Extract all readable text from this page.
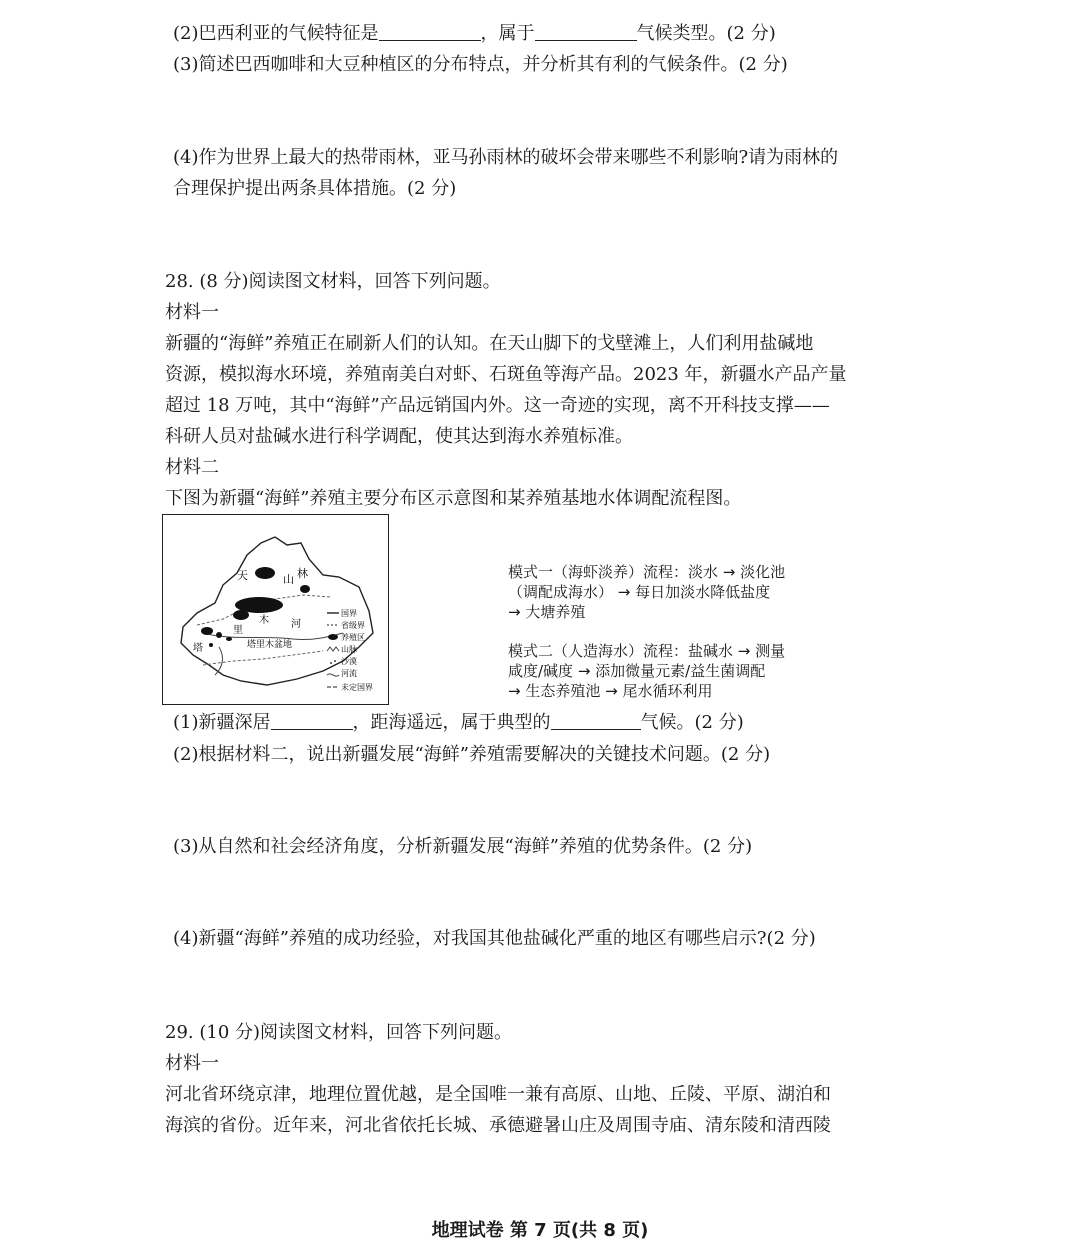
(2)巴西利亚的气候特征是	，属于	气候类型。(2 分)
(3)简述巴西咖啡和大豆种植区的分布特点，并分析其有利的气候条件。(2 分)
(4)作为世界上最大的热带雨林，亚马孙雨林的破坏会带来哪些不利影响?请为雨林的
合理保护提出两条具体措施。(2 分)
28. (8 分)阅读图文材料，回答下列问题。
材料一
新疆的“海鲜”养殖正在刷新人们的认知。在天山脚下的戈壁滩上，人们利用盐碱地
资源，模拟海水环境，养殖南美白对虾、石斑鱼等海产品。2023 年，新疆水产品产量
超过 18 万吨，其中“海鲜”产品远销国内外。这一奇迹的实现，离不开科技支撑——
科研人员对盐碱水进行科学调配，使其达到海水养殖标准。
材料二
下图为新疆“海鲜”养殖主要分布区示意图和某养殖基地水体调配流程图。
天	山 林
塔
里
木 河
塔里木盆地
国界
省级界
养殖区
山脉
沙漠
河流
未定国界
模式一（海虾淡养）流程：淡水 → 淡化池
（调配成海水） → 每日加淡水降低盐度
→ 大塘养殖
模式二（人造海水）流程：盐碱水 → 测量
咸度/碱度 → 添加微量元素/益生菌调配
→ 生态养殖池 → 尾水循环利用
(1)新疆深居	，距海遥远，属于典型的	气候。(2 分)
(2)根据材料二，说出新疆发展“海鲜”养殖需要解决的关键技术问题。(2 分)
(3)从自然和社会经济角度，分析新疆发展“海鲜”养殖的优势条件。(2 分)
(4)新疆“海鲜”养殖的成功经验，对我国其他盐碱化严重的地区有哪些启示?(2 分)
29. (10 分)阅读图文材料，回答下列问题。
材料一
河北省环绕京津，地理位置优越，是全国唯一兼有高原、山地、丘陵、平原、湖泊和
海滨的省份。近年来，河北省依托长城、承德避暑山庄及周围寺庙、清东陵和清西陵
地理试卷 第 7 页(共 8 页)
